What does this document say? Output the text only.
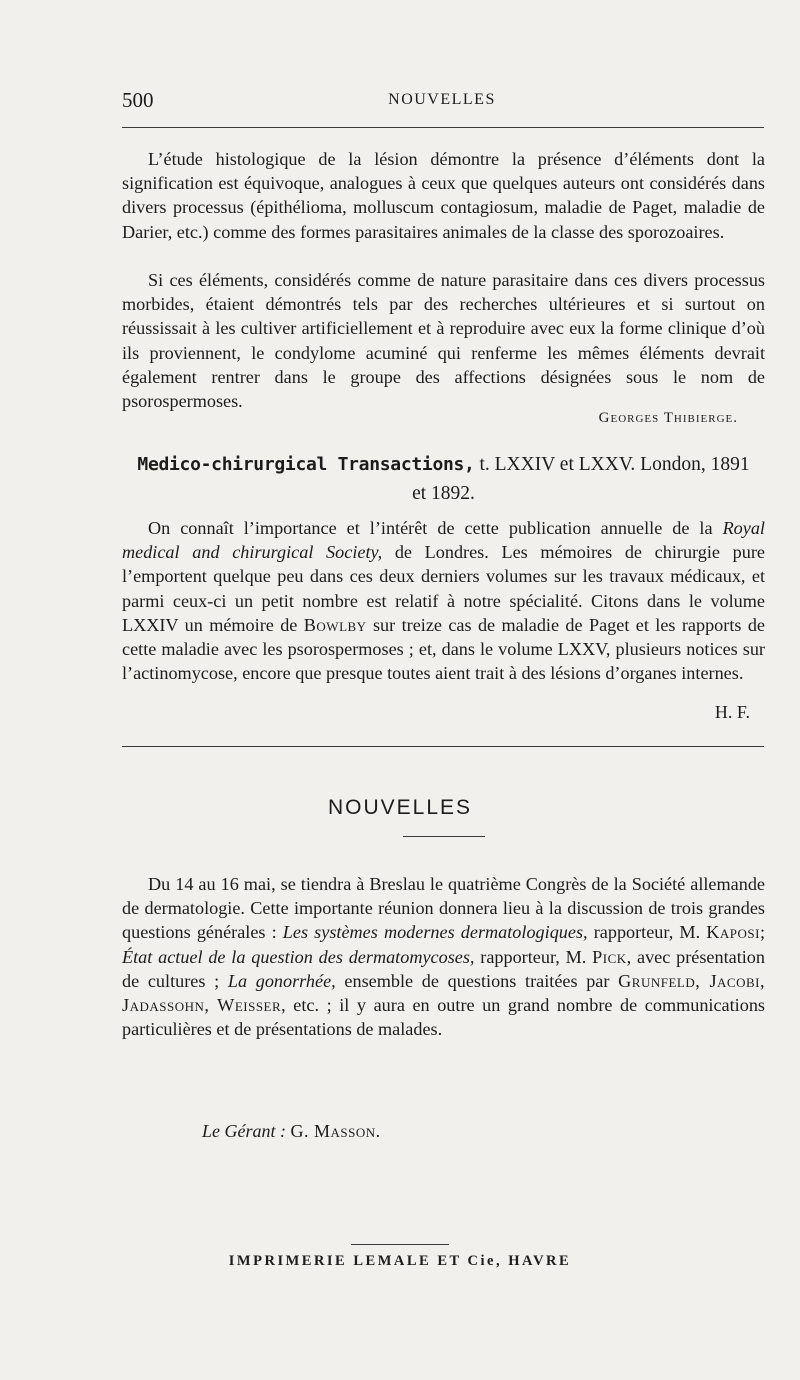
500	NOUVELLES

L’étude histologique de la lésion démontre la présence d’éléments dont la signification est équivoque, analogues à ceux que quelques auteurs ont considérés dans divers processus (épithélioma, molluscum contagiosum, maladie de Paget, maladie de Darier, etc.) comme des formes parasitaires animales de la classe des sporozoaires.

Si ces éléments, considérés comme de nature parasitaire dans ces divers processus morbides, étaient démontrés tels par des recherches ultérieures et si surtout on réussissait à les cultiver artificiellement et à reproduire avec eux la forme clinique d’où ils proviennent, le condylome acuminé qui renferme les mêmes éléments devrait également rentrer dans le groupe des affections désignées sous le nom de psorospermoses.

Georges Thibierge.
Medico-chirurgical Transactions, t. LXXIV et LXXV. London, 1891
et 1892.

On connaît l’importance et l’intérêt de cette publication annuelle de la Royal medical and chirurgical Society, de Londres. Les mémoires de chirurgie pure l’emportent quelque peu dans ces deux derniers volumes sur les travaux médicaux, et parmi ceux-ci un petit nombre est relatif à notre spécialité. Citons dans le volume LXXIV un mémoire de Bowlby sur treize cas de maladie de Paget et les rapports de cette maladie avec les psorospermoses ; et, dans le volume LXXV, plusieurs notices sur l’actinomycose, encore que presque toutes aient trait à des lésions d’organes internes.

H. F.
NOUVELLES

Du 14 au 16 mai, se tiendra à Breslau le quatrième Congrès de la Société allemande de dermatologie. Cette importante réunion donnera lieu à la discussion de trois grandes questions générales : Les systèmes modernes dermatologiques, rapporteur, M. Kaposi; État actuel de la question des dermatomycoses, rapporteur, M. Pick, avec présentation de cultures ; La gonorrhée, ensemble de questions traitées par Grunfeld, Jacobi, Jadassohn, Weisser, etc. ; il y aura en outre un grand nombre de communications particulières et de présentations de malades.

Le Gérant : G. Masson.
IMPRIMERIE LEMALE ET Cie, HAVRE
